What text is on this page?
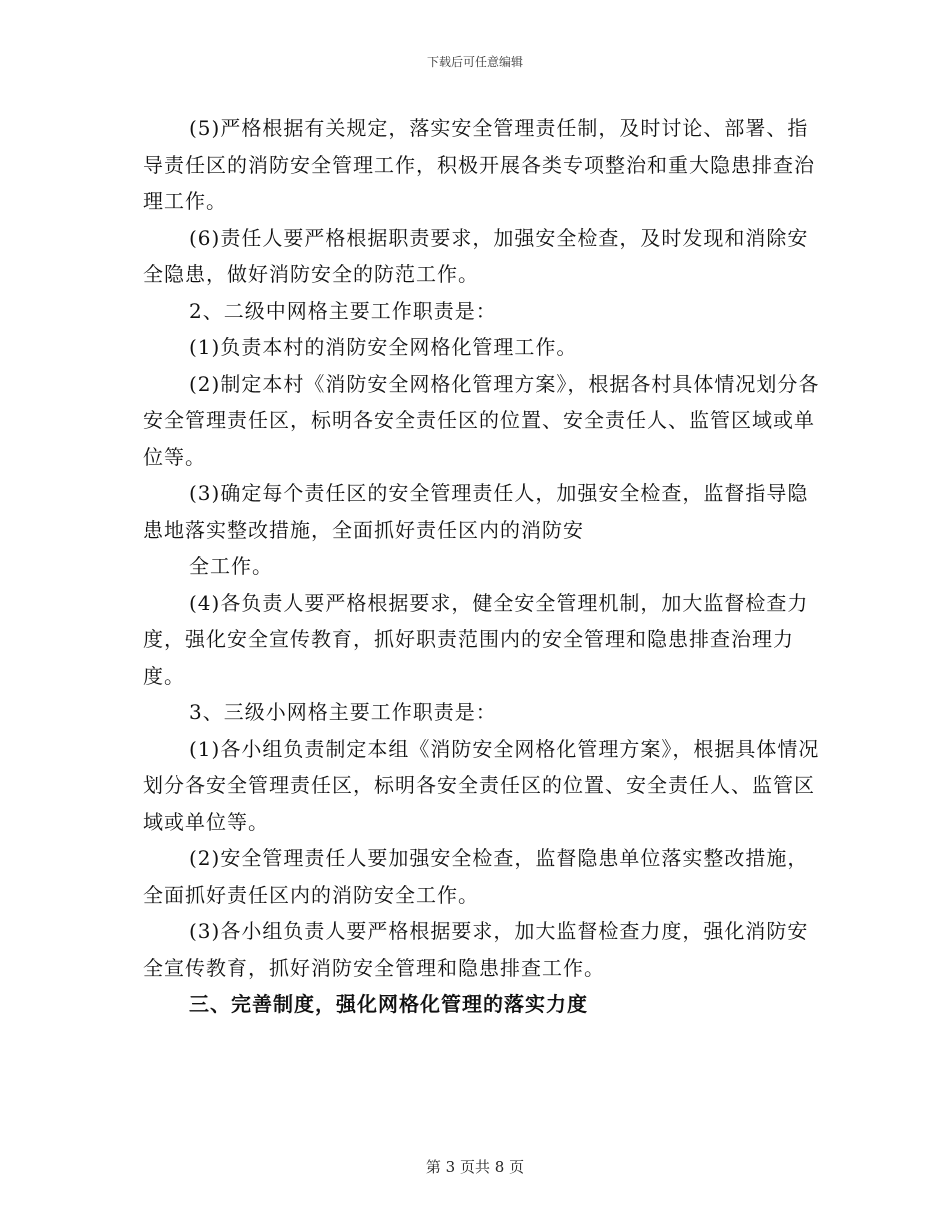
下载后可任意编辑

(5)严格根据有关规定，落实安全管理责任制，及时讨论、部署、指导责任区的消防安全管理工作，积极开展各类专项整治和重大隐患排查治理工作。

(6)责任人要严格根据职责要求，加强安全检查，及时发现和消除安全隐患，做好消防安全的防范工作。

2、二级中网格主要工作职责是：

(1)负责本村的消防安全网格化管理工作。

(2)制定本村《消防安全网格化管理方案》，根据各村具体情况划分各安全管理责任区，标明各安全责任区的位置、安全责任人、监管区域或单位等。

(3)确定每个责任区的安全管理责任人，加强安全检查，监督指导隐患地落实整改措施，全面抓好责任区内的消防安

全工作。

(4)各负责人要严格根据要求，健全安全管理机制，加大监督检查力度，强化安全宣传教育，抓好职责范围内的安全管理和隐患排查治理力度。

3、三级小网格主要工作职责是：

(1)各小组负责制定本组《消防安全网格化管理方案》，根据具体情况划分各安全管理责任区，标明各安全责任区的位置、安全责任人、监管区域或单位等。

(2)安全管理责任人要加强安全检查，监督隐患单位落实整改措施，全面抓好责任区内的消防安全工作。

(3)各小组负责人要严格根据要求，加大监督检查力度，强化消防安全宣传教育，抓好消防安全管理和隐患排查工作。

三、完善制度，强化网格化管理的落实力度

第 3 页共 8 页
